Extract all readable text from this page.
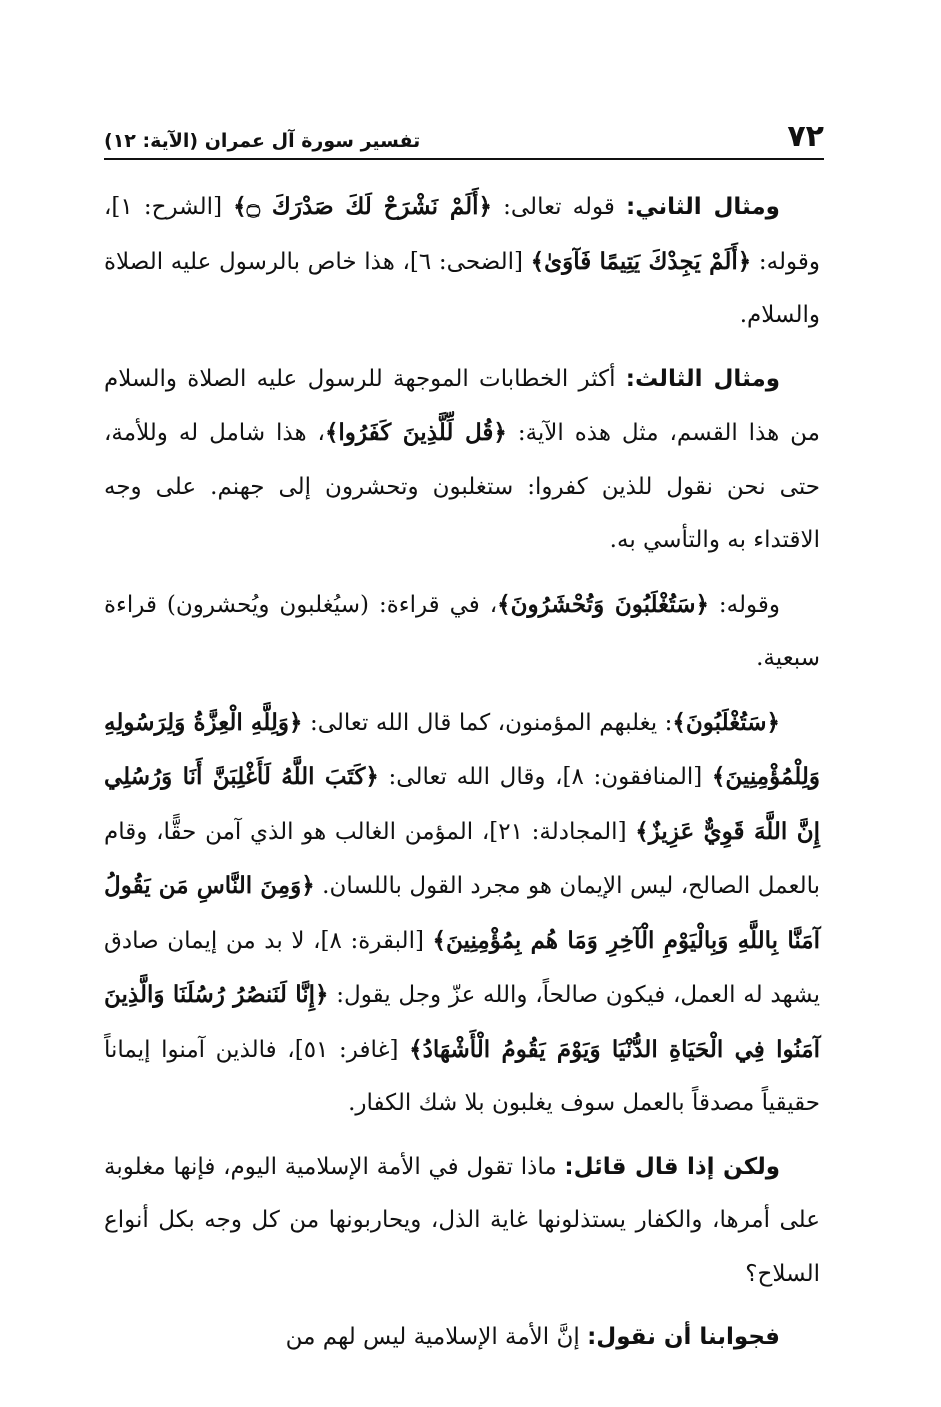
٧٢
تفسير سورة آل عمران (الآية: ١٢)

ومثال الثاني: قوله تعالى: ﴿أَلَمْ نَشْرَحْ لَكَ صَدْرَكَ ۝﴾ [الشرح: ١]، وقوله: ﴿أَلَمْ يَجِدْكَ يَتِيمًا فَآوَىٰ﴾ [الضحى: ٦]، هذا خاص بالرسول عليه الصلاة والسلام.

ومثال الثالث: أكثر الخطابات الموجهة للرسول عليه الصلاة والسلام من هذا القسم، مثل هذه الآية: ﴿قُل لِّلَّذِينَ كَفَرُوا﴾، هذا شامل له وللأمة، حتى نحن نقول للذين كفروا: ستغلبون وتحشرون إلى جهنم. على وجه الاقتداء به والتأسي به.

وقوله: ﴿سَتُغْلَبُونَ وَتُحْشَرُونَ﴾، في قراءة: (سيُغلبون ويُحشرون) قراءة سبعية.

﴿سَتُغْلَبُونَ﴾: يغلبهم المؤمنون، كما قال الله تعالى: ﴿وَلِلَّهِ الْعِزَّةُ وَلِرَسُولِهِ وَلِلْمُؤْمِنِينَ﴾ [المنافقون: ٨]، وقال الله تعالى: ﴿كَتَبَ اللَّهُ لَأَغْلِبَنَّ أَنَا وَرُسُلِي إِنَّ اللَّهَ قَوِيٌّ عَزِيزٌ﴾ [المجادلة: ٢١]، المؤمن الغالب هو الذي آمن حقًّا، وقام بالعمل الصالح، ليس الإيمان هو مجرد القول باللسان. ﴿وَمِنَ النَّاسِ مَن يَقُولُ آمَنَّا بِاللَّهِ وَبِالْيَوْمِ الْآخِرِ وَمَا هُم بِمُؤْمِنِينَ﴾ [البقرة: ٨]، لا بد من إيمان صادق يشهد له العمل، فيكون صالحاً، والله عزّ وجل يقول: ﴿إِنَّا لَنَنصُرُ رُسُلَنَا وَالَّذِينَ آمَنُوا فِي الْحَيَاةِ الدُّنْيَا وَيَوْمَ يَقُومُ الْأَشْهَادُ﴾ [غافر: ٥١]، فالذين آمنوا إيماناً حقيقياً مصدقاً بالعمل سوف يغلبون بلا شك الكفار.

ولكن إذا قال قائل: ماذا تقول في الأمة الإسلامية اليوم، فإنها مغلوبة على أمرها، والكفار يستذلونها غاية الذل، ويحاربونها من كل وجه بكل أنواع السلاح؟

فجوابنا أن نقول: إنَّ الأمة الإسلامية ليس لهم من
